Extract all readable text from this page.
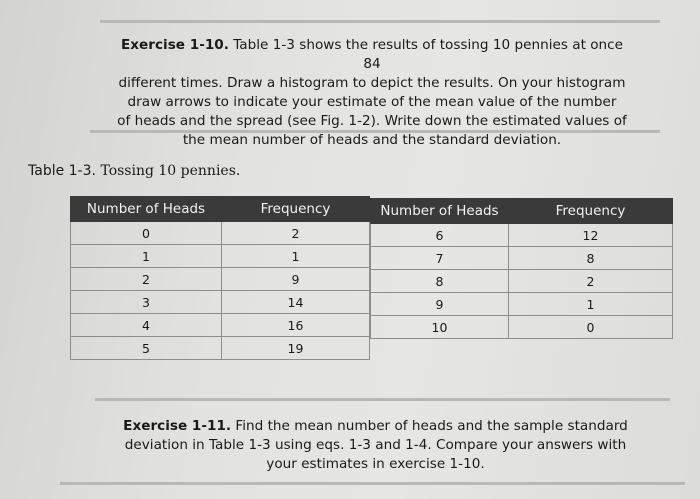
Exercise 1-10. Table 1-3 shows the results of tossing 10 pennies at once 84
different times. Draw a histogram to depict the results. On your histogram
draw arrows to indicate your estimate of the mean value of the number
of heads and the spread (see Fig. 1-2). Write down the estimated values of
the mean number of heads and the standard deviation.
Table 1-3. Tossing 10 pennies.
Number of Heads	Frequency
0	2
1	1
2	9
3	14
4	16
5	19
Number of Heads	Frequency
6	12
7	8
8	2
9	1
10	0
Exercise 1-11. Find the mean number of heads and the sample standard
deviation in Table 1-3 using eqs. 1-3 and 1-4. Compare your answers with
your estimates in exercise 1-10.
